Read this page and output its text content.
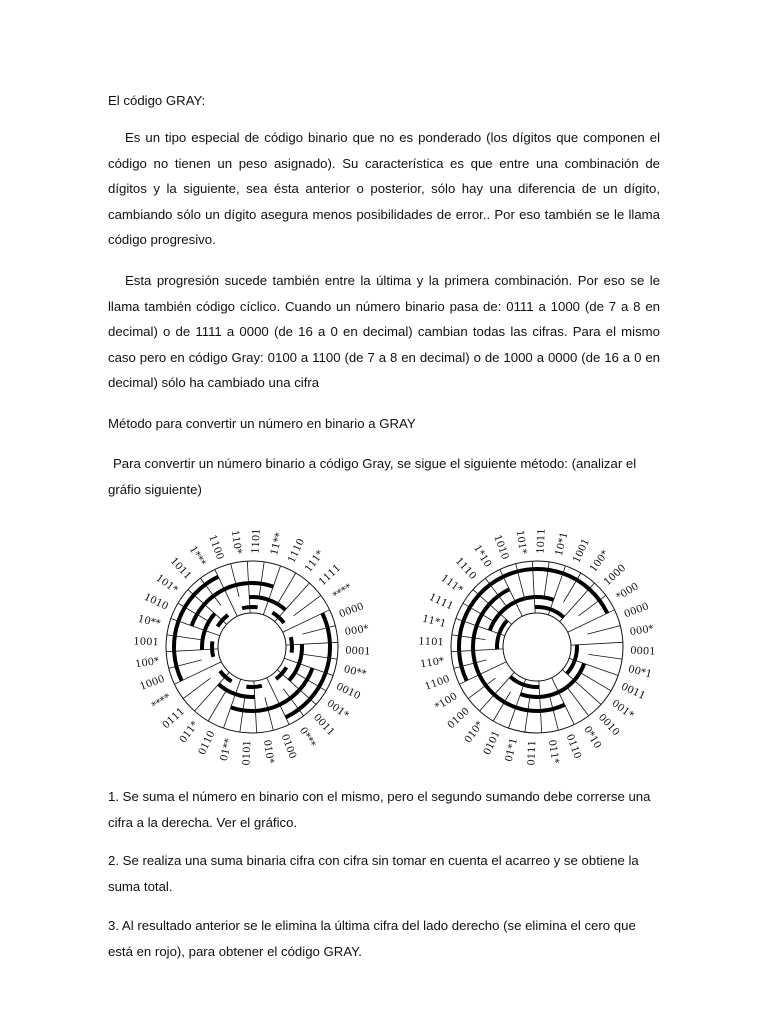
El código GRAY:

Es un tipo especial de código binario que no es ponderado (los dígitos que componen el código no tienen un peso asignado). Su característica es que entre una combinación de dígitos y la siguiente, sea ésta anterior o posterior, sólo hay una diferencia de un dígito, cambiando sólo un dígito asegura menos posibilidades de error.. Por eso también se le llama código progresivo.

Esta progresión sucede también entre la última y la primera combinación. Por eso se le llama también código cíclico. Cuando un número binario pasa de: 0111 a 1000 (de 7 a 8 en decimal) o de 1111 a 0000 (de 16 a 0 en decimal) cambian todas las cifras. Para el mismo caso pero en código Gray: 0100 a 1100 (de 7 a 8 en decimal) o de 1000 a 0000 (de 16 a 0 en decimal) sólo ha cambiado una cifra

Método para convertir un número en binario a GRAY

Para convertir un número binario a código Gray, se sigue el siguiente método: (analizar el gráfio siguiente)

0000
000*
0001
00**
0010
001*
0011
0***
0100
010*
0101
01**
0110
011*
0111
****
1000
100*
1001
10**
1010
101*
1011
1***
1100 110* 1101 11** 1110
111*
1111
****
0000
000*
0001
00*1
0011
001*
0010
0*10
0110
011*
0111
01*1
0101
010*
0100
*100
1100
110*
1101
11*1
1111
111*
1110
1*10
1010 101* 1011 10*1 1001
100*
1000
*000

1. Se suma el número en binario con el mismo, pero el segundo sumando debe correrse una cifra a la derecha. Ver el gráfico.

2. Se realiza una suma binaria cifra con cifra sin tomar en cuenta el acarreo y se obtiene la suma total.

3. Al resultado anterior se le elimina la última cifra del lado derecho (se elimina el cero que está en rojo), para obtener el código GRAY.
